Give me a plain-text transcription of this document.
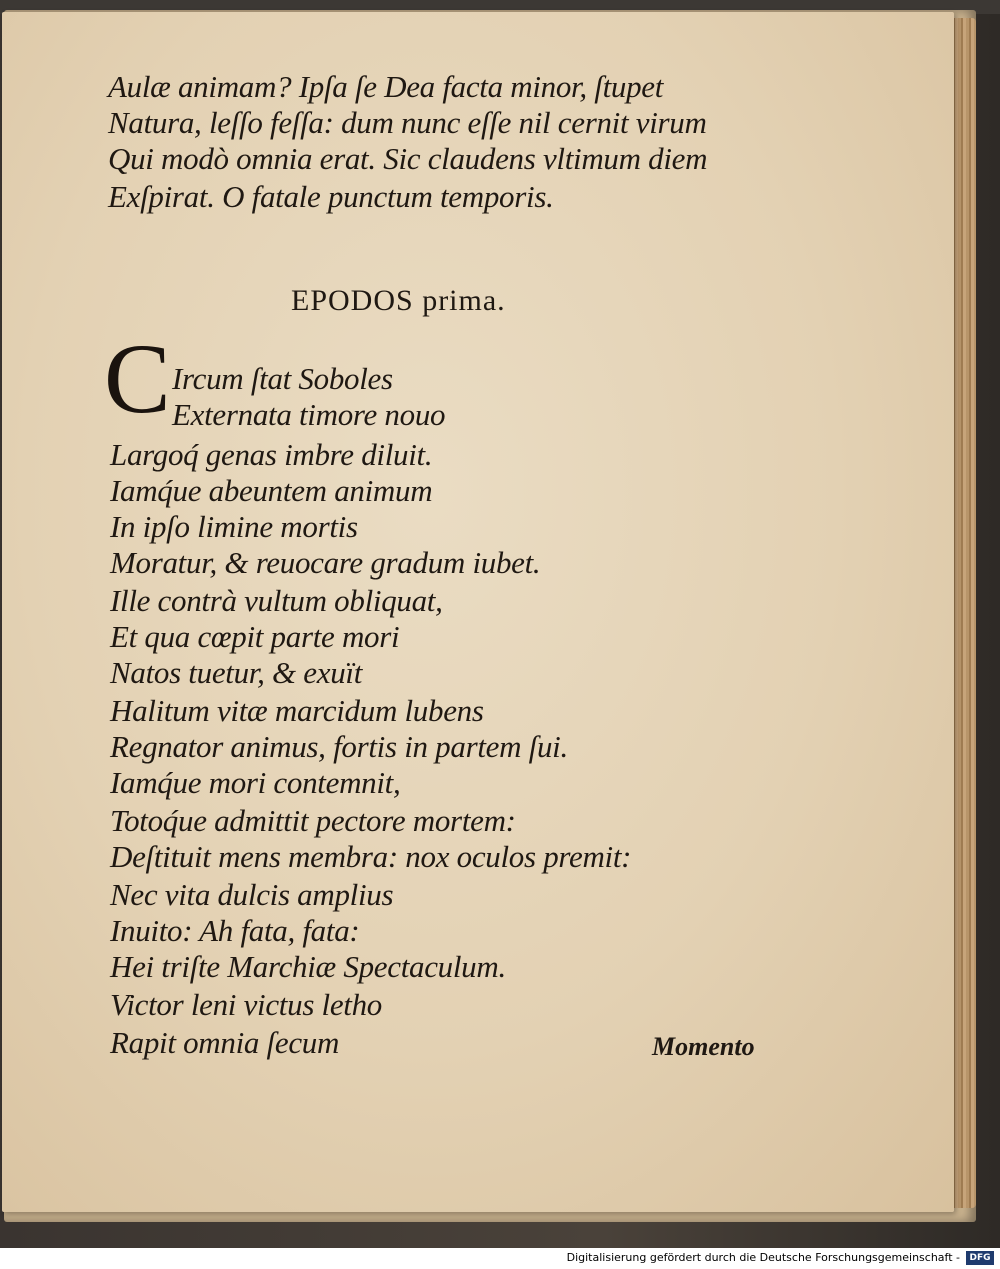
Aulæ animam? Ipſa ſe Dea facta minor, ſtupet
Natura, leſſo feſſa: dum nunc eſſe nil cernit virum
Qui modò omnia erat. Sic claudens vltimum diem
Exſpirat. O fatale punctum temporis.
EPODOS prima.
C Ircum ſtat Soboles
Externata timore nouo
Largoq́ genas imbre diluit.
Iamq́ue abeuntem animum
In ipſo limine mortis
Moratur, & reuocare gradum iubet.
Ille contrà vultum obliquat,
Et qua cœpit parte mori
Natos tuetur, & exuït
Halitum vitæ marcidum lubens
Regnator animus, fortis in partem ſui.
Iamq́ue mori contemnit,
Totoq́ue admittit pectore mortem:
Deſtituit mens membra: nox oculos premit:
Nec vita dulcis amplius
Inuito: Ah fata, fata:
Hei triſte Marchiæ Spectaculum.
Victor leni victus letho
Rapit omnia ſecum	Momento
Digitalisierung gefördert durch die Deutsche Forschungsgemeinschaft -	DFG
